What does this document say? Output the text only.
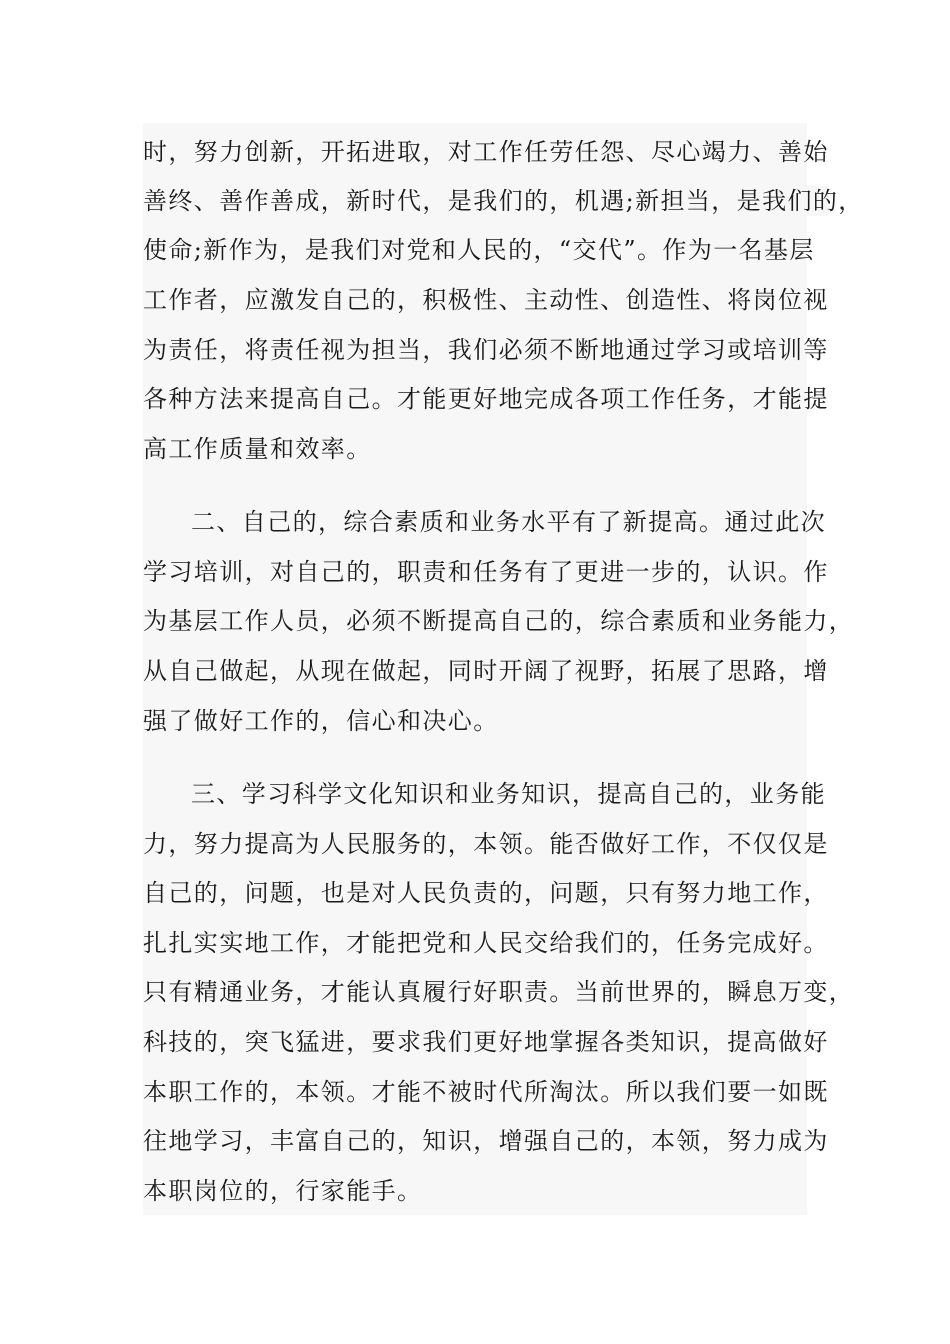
时，努力创新，开拓进取，对工作任劳任怨、尽心竭力、善始
善终、善作善成，新时代，是我们的，机遇;新担当，是我们的，
使命;新作为，是我们对党和人民的，“交代”。作为一名基层
工作者，应激发自己的，积极性、主动性、创造性、将岗位视
为责任，将责任视为担当，我们必须不断地通过学习或培训等
各种方法来提高自己。才能更好地完成各项工作任务，才能提
高工作质量和效率。
二、自己的，综合素质和业务水平有了新提高。通过此次
学习培训，对自己的，职责和任务有了更进一步的，认识。作
为基层工作人员，必须不断提高自己的，综合素质和业务能力，
从自己做起，从现在做起，同时开阔了视野，拓展了思路，增
强了做好工作的，信心和决心。
三、学习科学文化知识和业务知识，提高自己的，业务能
力，努力提高为人民服务的，本领。能否做好工作，不仅仅是
自己的，问题，也是对人民负责的，问题，只有努力地工作，
扎扎实实地工作，才能把党和人民交给我们的，任务完成好。
只有精通业务，才能认真履行好职责。当前世界的，瞬息万变，
科技的，突飞猛进，要求我们更好地掌握各类知识，提高做好
本职工作的，本领。才能不被时代所淘汰。所以我们要一如既
往地学习，丰富自己的，知识，增强自己的，本领，努力成为
本职岗位的，行家能手。
